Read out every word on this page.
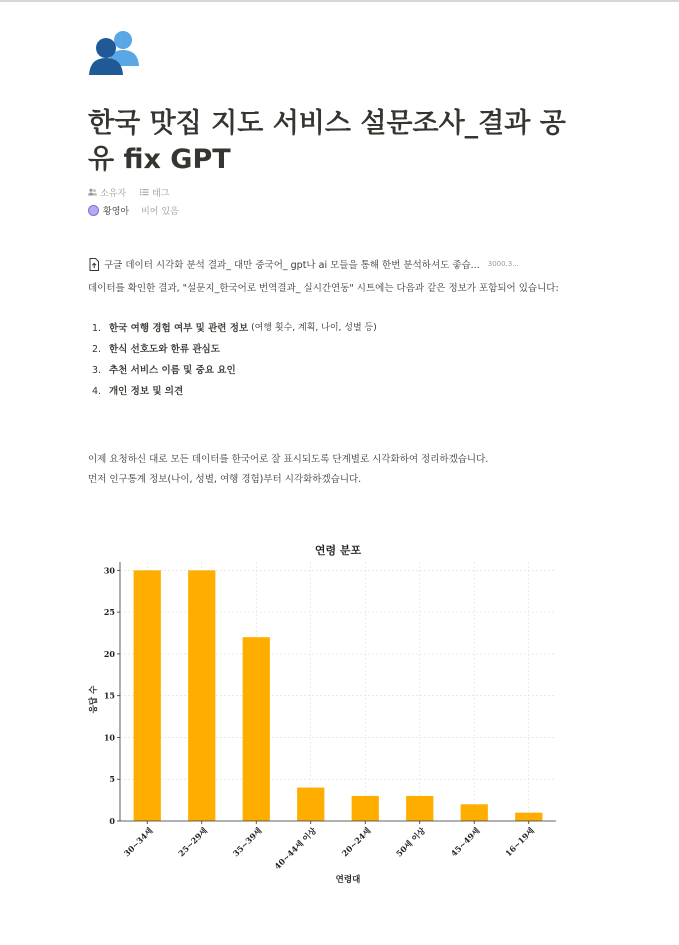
한국 맛집 지도 서비스 설문조사_결과 공유 fix GPT
소유자	태그
황영아 비어 있음
구글 데이터 시각화 분석 결과_ 대만 중국어_ gpt나 ai 모들을 통해 한번 분석하셔도 좋습... 3000.3...
데이터를 확인한 결과, "설문지_한국어로 번역결과_ 실시간연동" 시트에는 다음과 같은 정보가 포함되어 있습니다:
1. 한국 여행 경험 여부 및 관련 정보 (여행 횟수, 계획, 나이, 성별 등)
2. 한식 선호도와 한류 관심도
3. 추천 서비스 이름 및 중요 요인
4. 개인 정보 및 의견
이제 요청하신 대로 모든 데이터를 한국어로 잘 표시되도록 단계별로 시각화하여 정리하겠습니다.
먼저 인구통계 정보(나이, 성별, 여행 경험)부터 시각화하겠습니다.
연령 분포
0
5
10
15
20
25
30
30~34세	25~29세	35~39세 40~44세 이상	20~24세	50세 이상	45~49세	16~19세
연령대
응답 수
